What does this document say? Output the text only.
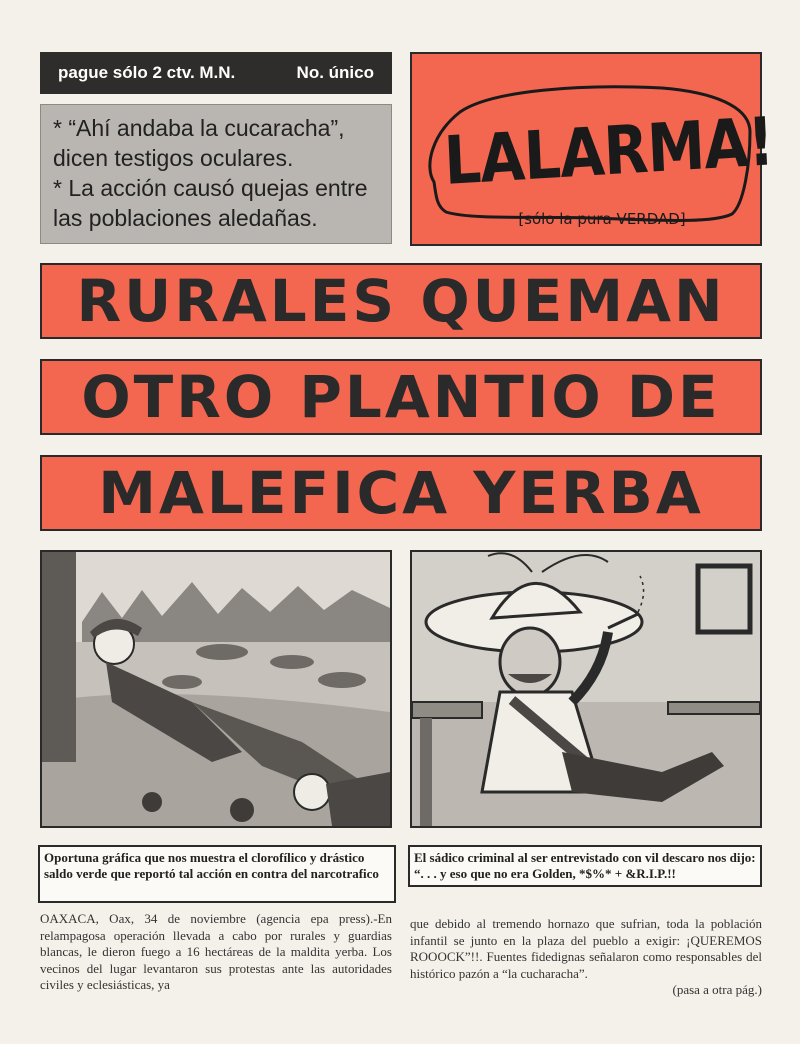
pague sólo 2 ctv. M.N.	No. único
* “Ahí andaba la cucaracha”,
dicen testigos oculares.
* La acción causó quejas entre
las poblaciones aledañas.
LALARMA!
[sólo la pura VERDAD]
RURALES QUEMAN
OTRO PLANTIO DE
MALEFICA YERBA
Oportuna gráfica que nos muestra el clorofílico y drástico saldo verde que reportó tal acción en contra del narcotrafico
El sádico criminal al ser entrevistado con vil descaro nos dijo: “. . . y eso que no era Golden, *$%* + &R.I.P.!!
OAXACA, Oax, 34 de noviembre (agencia epa press).-En relampagosa operación llevada a cabo por rurales y guardias blancas, le dieron fuego a 16 hectáreas de la maldita yerba. Los vecinos del lugar levantaron sus protestas ante las autoridades civiles y eclesiásticas, ya
que debido al tremendo hornazo que sufrian, toda la población infantil se junto en la plaza del pueblo a exigir: ¡QUEREMOS ROOOCK”!!. Fuentes fidedignas señalaron como responsables del histórico pazón a “la cucharacha”.
(pasa a otra pág.)
